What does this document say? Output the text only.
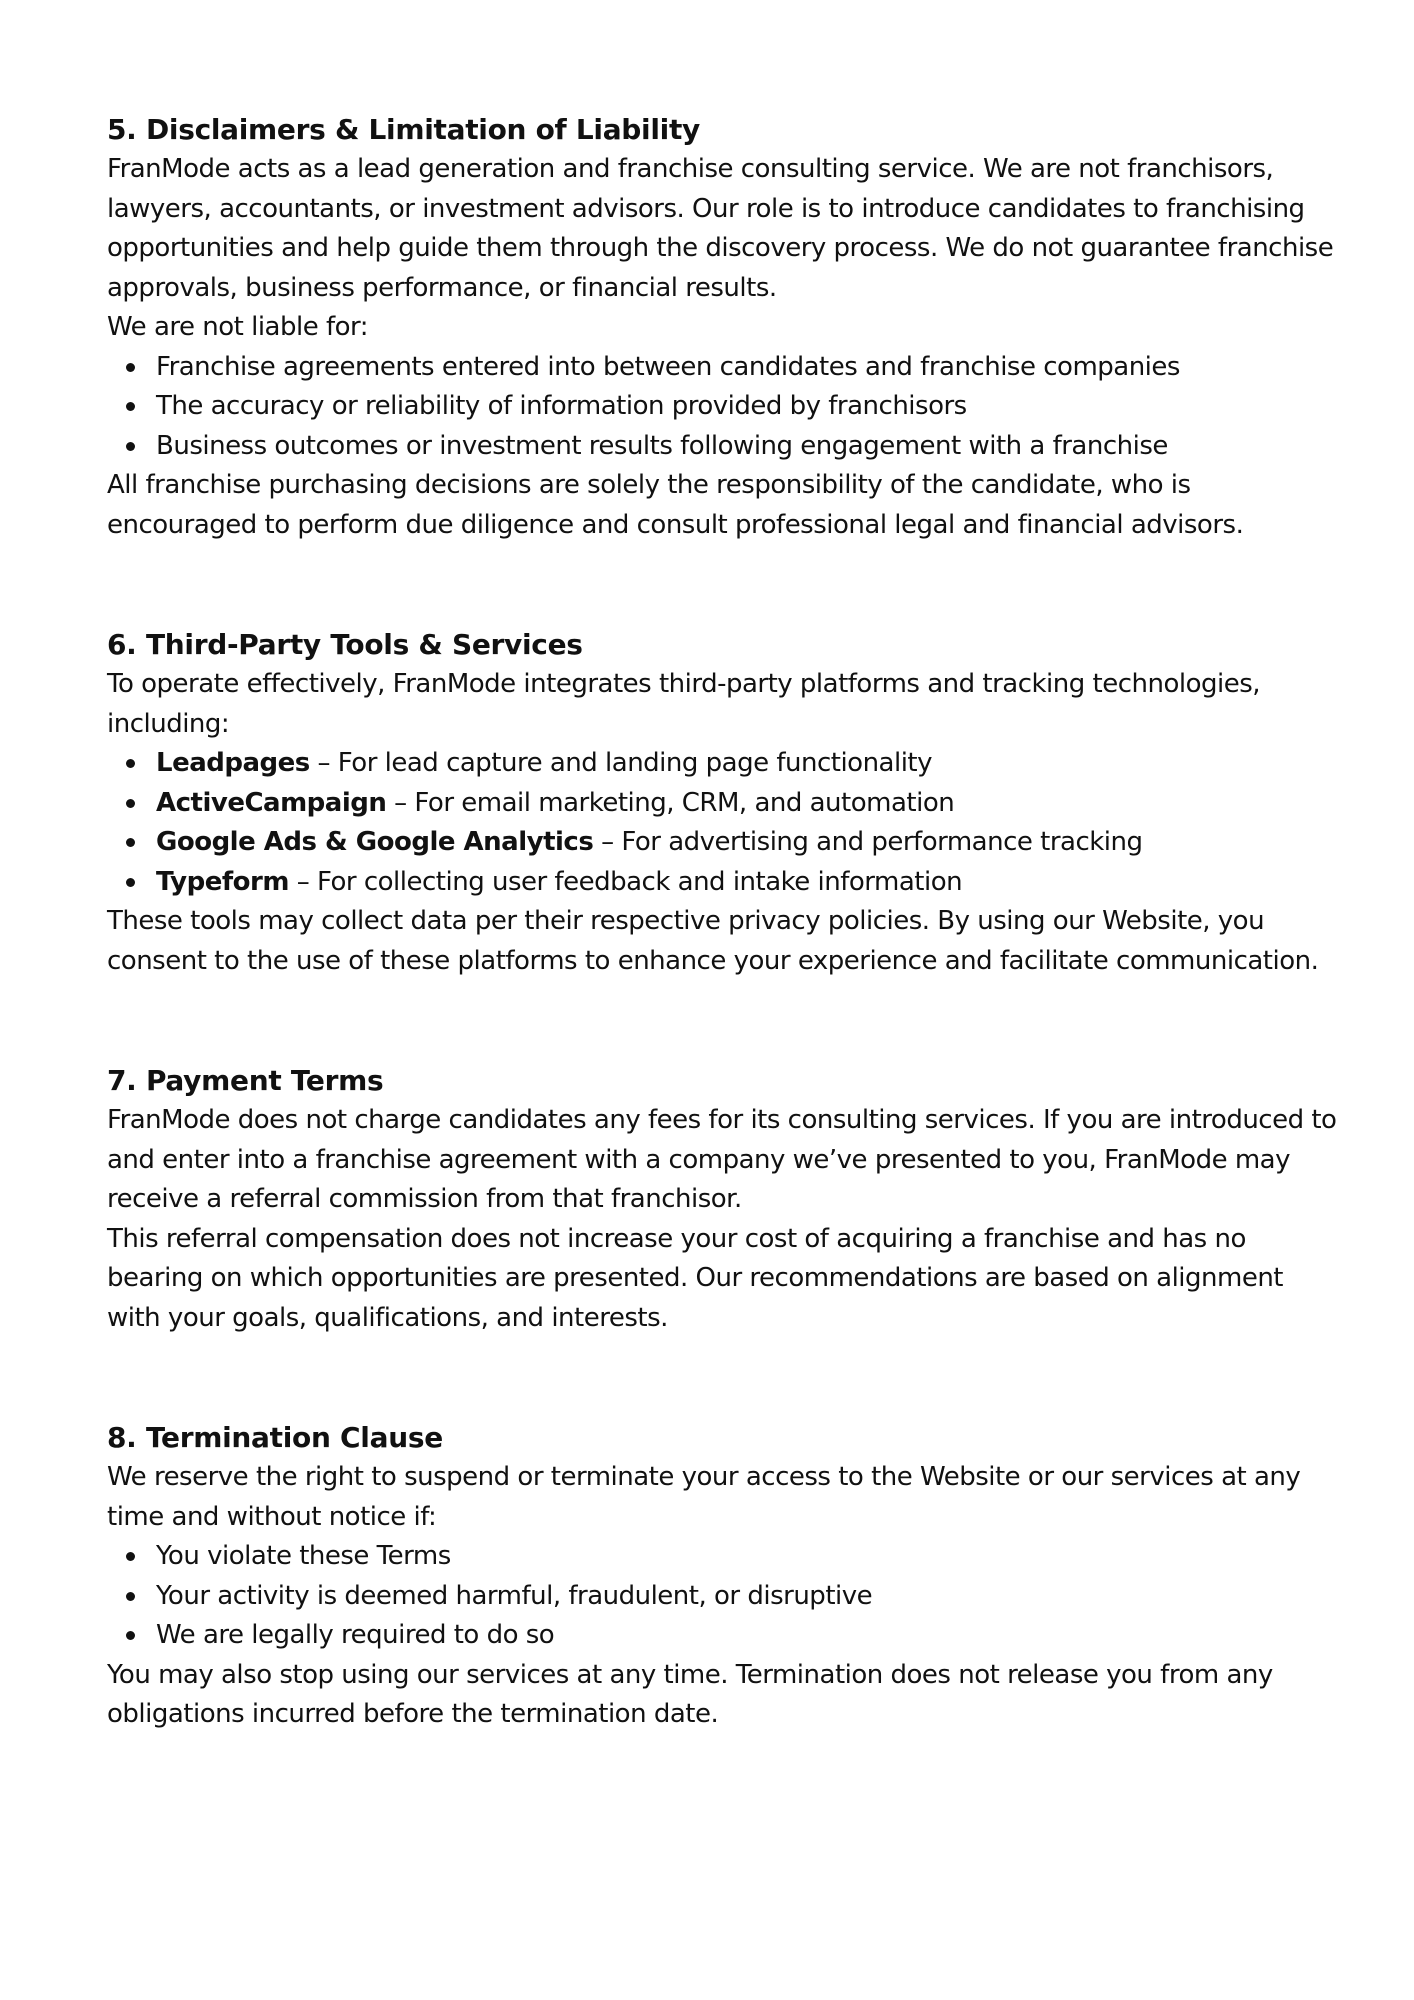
5. Disclaimers & Limitation of Liability

FranMode acts as a lead generation and franchise consulting service. We are not franchisors, lawyers, accountants, or investment advisors. Our role is to introduce candidates to franchising opportunities and help guide them through the discovery process. We do not guarantee franchise approvals, business performance, or financial results.

We are not liable for:

Franchise agreements entered into between candidates and franchise companies
The accuracy or reliability of information provided by franchisors
Business outcomes or investment results following engagement with a franchise

All franchise purchasing decisions are solely the responsibility of the candidate, who is encouraged to perform due diligence and consult professional legal and financial advisors.

6. Third-Party Tools & Services

To operate effectively, FranMode integrates third-party platforms and tracking technologies, including:

Leadpages – For lead capture and landing page functionality
ActiveCampaign – For email marketing, CRM, and automation
Google Ads & Google Analytics – For advertising and performance tracking
Typeform – For collecting user feedback and intake information

These tools may collect data per their respective privacy policies. By using our Website, you consent to the use of these platforms to enhance your experience and facilitate communication.

7. Payment Terms

FranMode does not charge candidates any fees for its consulting services. If you are introduced to and enter into a franchise agreement with a company we’ve presented to you, FranMode may receive a referral commission from that franchisor.

This referral compensation does not increase your cost of acquiring a franchise and has no bearing on which opportunities are presented. Our recommendations are based on alignment with your goals, qualifications, and interests.

8. Termination Clause

We reserve the right to suspend or terminate your access to the Website or our services at any time and without notice if:

You violate these Terms
Your activity is deemed harmful, fraudulent, or disruptive
We are legally required to do so

You may also stop using our services at any time. Termination does not release you from any obligations incurred before the termination date.
